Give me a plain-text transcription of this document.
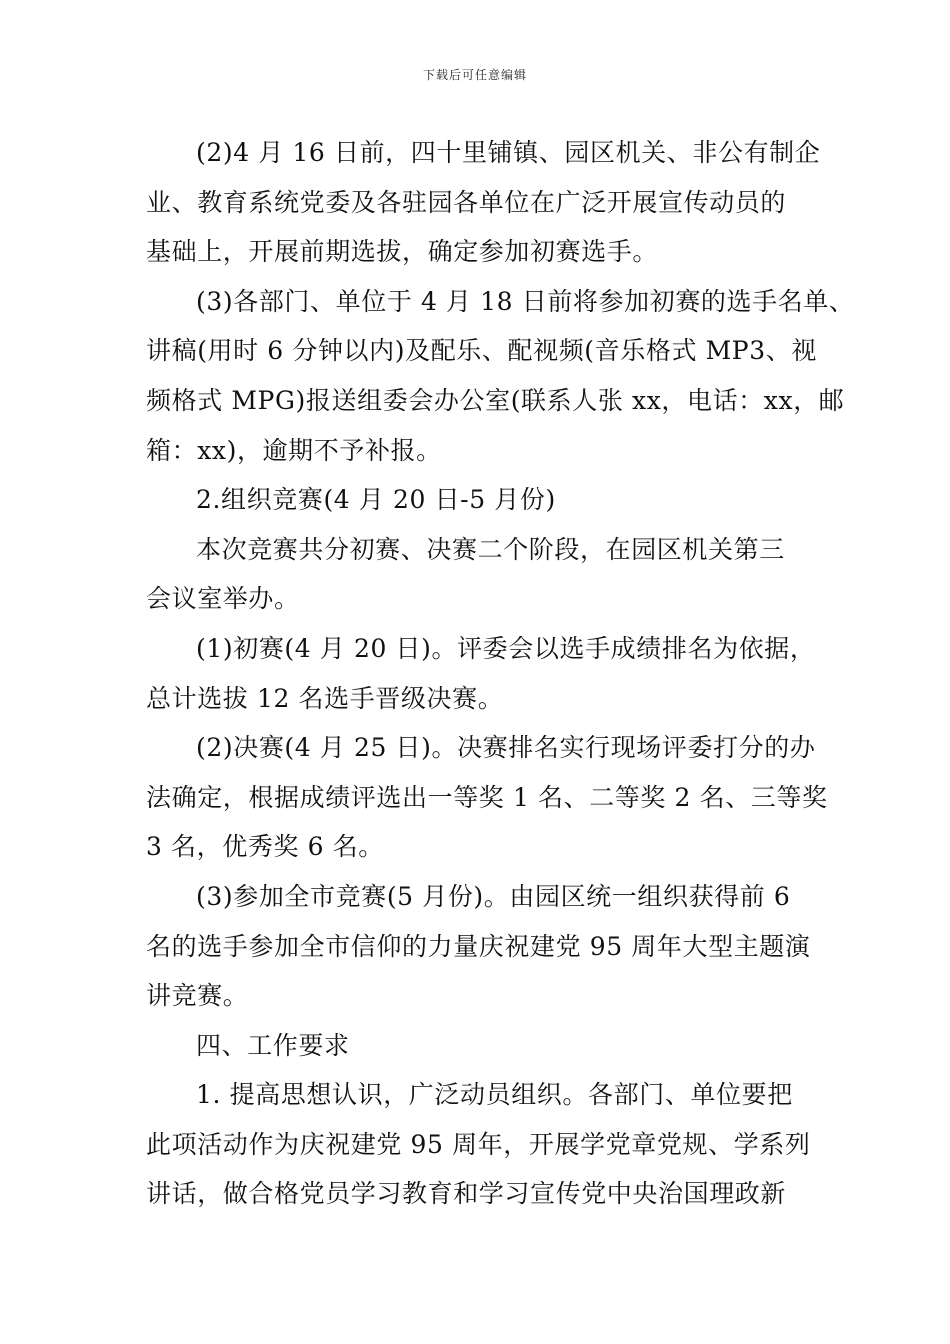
下载后可任意编辑
(2)4 月 16 日前，四十里铺镇、园区机关、非公有制企
业、教育系统党委及各驻园各单位在广泛开展宣传动员的
基础上，开展前期选拔，确定参加初赛选手。
(3)各部门、单位于 4 月 18 日前将参加初赛的选手名单、
讲稿(用时 6 分钟以内)及配乐、配视频(音乐格式 MP3、视
频格式 MPG)报送组委会办公室(联系人张 xx，电话：xx，邮
箱：xx)，逾期不予补报。
2.组织竞赛(4 月 20 日-5 月份)
本次竞赛共分初赛、决赛二个阶段，在园区机关第三
会议室举办。
(1)初赛(4 月 20 日)。评委会以选手成绩排名为依据，
总计选拔 12 名选手晋级决赛。
(2)决赛(4 月 25 日)。决赛排名实行现场评委打分的办
法确定，根据成绩评选出一等奖 1 名、二等奖 2 名、三等奖
3 名，优秀奖 6 名。
(3)参加全市竞赛(5 月份)。由园区统一组织获得前 6
名的选手参加全市信仰的力量庆祝建党 95 周年大型主题演
讲竞赛。
四、工作要求
1. 提高思想认识，广泛动员组织。各部门、单位要把
此项活动作为庆祝建党 95 周年，开展学党章党规、学系列
讲话，做合格党员学习教育和学习宣传党中央治国理政新
